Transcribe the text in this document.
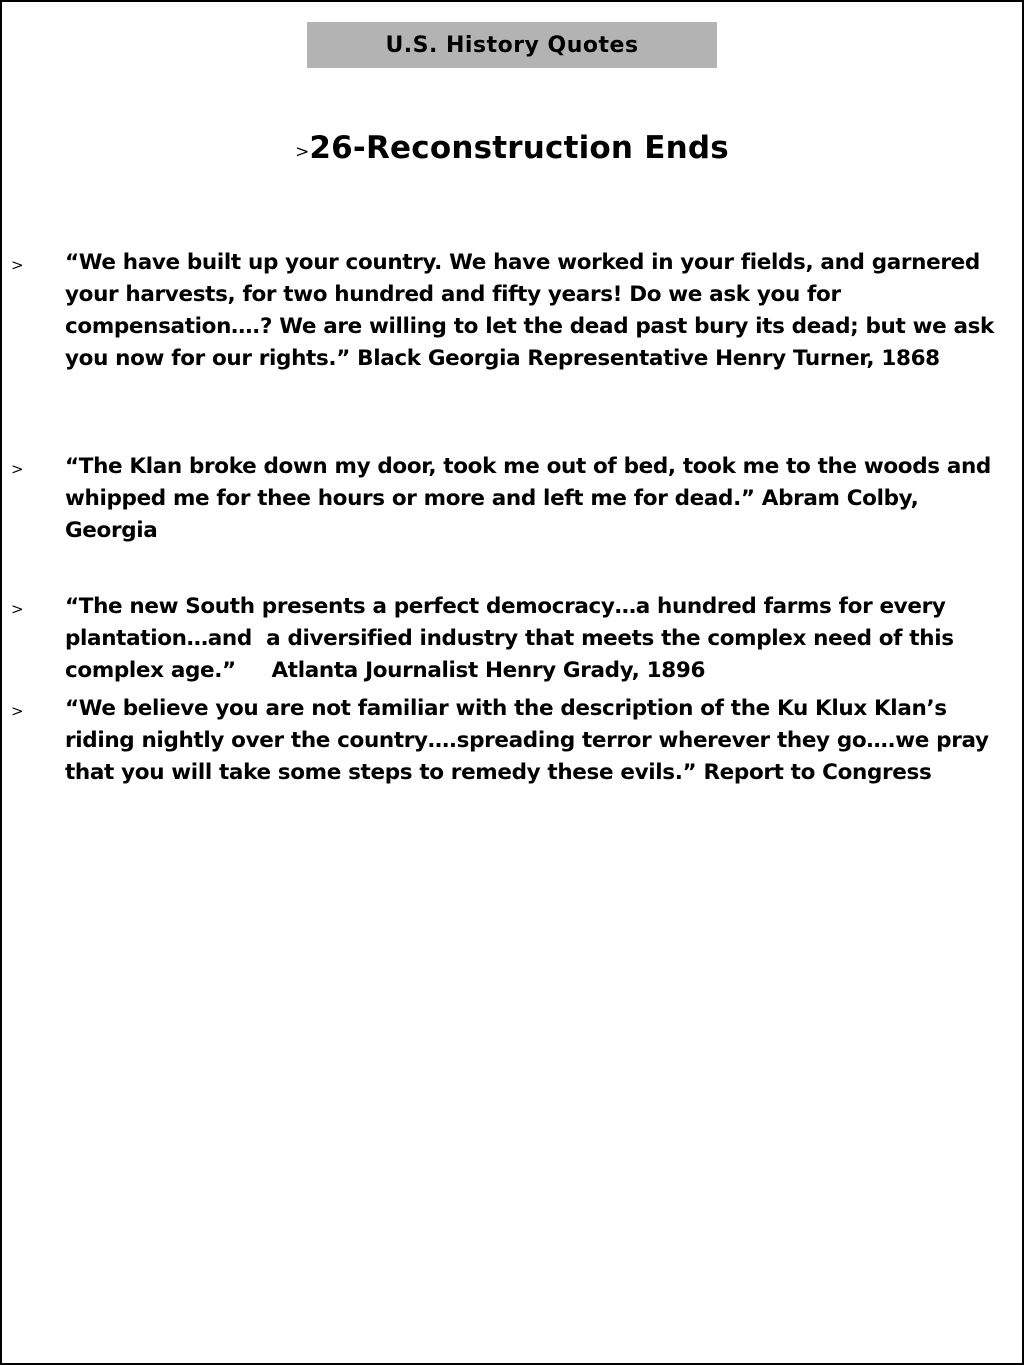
U.S. History Quotes
>26-Reconstruction Ends
> “We have built up your country. We have worked in your fields, and garnered your harvests, for two hundred and fifty years! Do we ask you for compensation….? We are willing to let the dead past bury its dead; but we ask you now for our rights.” Black Georgia Representative Henry Turner, 1868
> “The Klan broke down my door, took me out of bed, took me to the woods and whipped me for thee hours or more and left me for dead.” Abram Colby, Georgia
> “The new South presents a perfect democracy…a hundred farms for every plantation…and  a diversified industry that meets the complex need of this complex age.”     Atlanta Journalist Henry Grady, 1896
> “We believe you are not familiar with the description of the Ku Klux Klan’s riding nightly over the country….spreading terror wherever they go….we pray that you will take some steps to remedy these evils.” Report to Congress
